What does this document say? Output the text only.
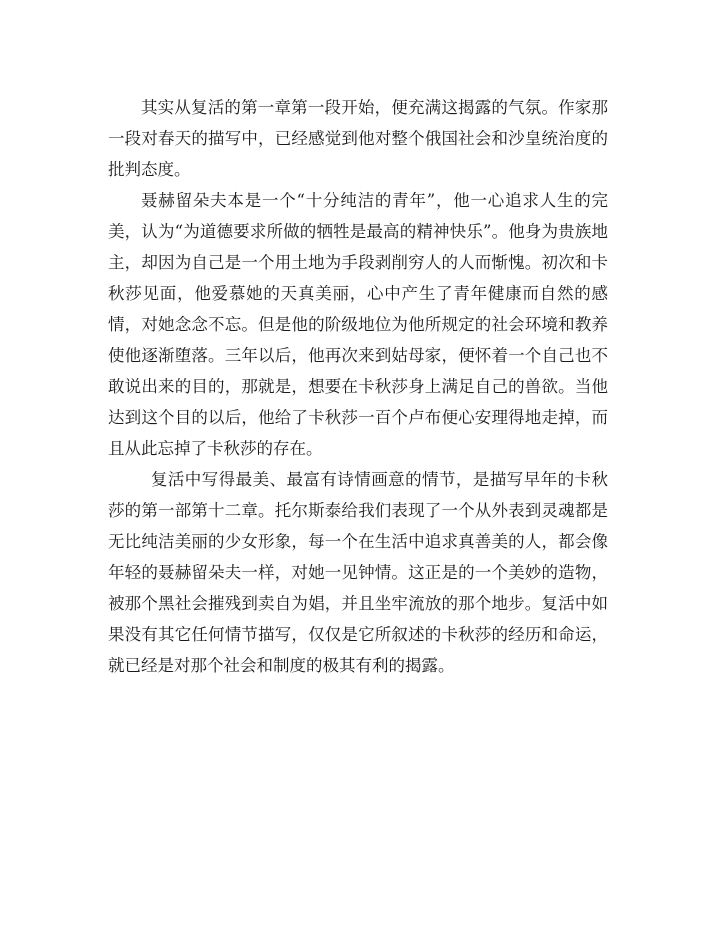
其实从复活的第一章第一段开始，便充满这揭露的气氛。作家那一段对春天的描写中，已经感觉到他对整个俄国社会和沙皇统治度的批判态度。

聂赫留朵夫本是一个“十分纯洁的青年”，他一心追求人生的完美，认为“为道德要求所做的牺牲是最高的精神快乐”。他身为贵族地主，却因为自己是一个用土地为手段剥削穷人的人而惭愧。初次和卡秋莎见面，他爱慕她的天真美丽，心中产生了青年健康而自然的感情，对她念念不忘。但是他的阶级地位为他所规定的社会环境和教养使他逐渐堕落。三年以后，他再次来到姑母家，便怀着一个自己也不敢说出来的目的，那就是，想要在卡秋莎身上满足自己的兽欲。当他达到这个目的以后，他给了卡秋莎一百个卢布便心安理得地走掉，而且从此忘掉了卡秋莎的存在。

复活中写得最美、最富有诗情画意的情节，是描写早年的卡秋莎的第一部第十二章。托尔斯泰给我们表现了一个从外表到灵魂都是无比纯洁美丽的少女形象，每一个在生活中追求真善美的人，都会像年轻的聂赫留朵夫一样，对她一见钟情。这正是的一个美妙的造物，被那个黑社会摧残到卖自为娼，并且坐牢流放的那个地步。复活中如果没有其它任何情节描写，仅仅是它所叙述的卡秋莎的经历和命运，就已经是对那个社会和制度的极其有利的揭露。
